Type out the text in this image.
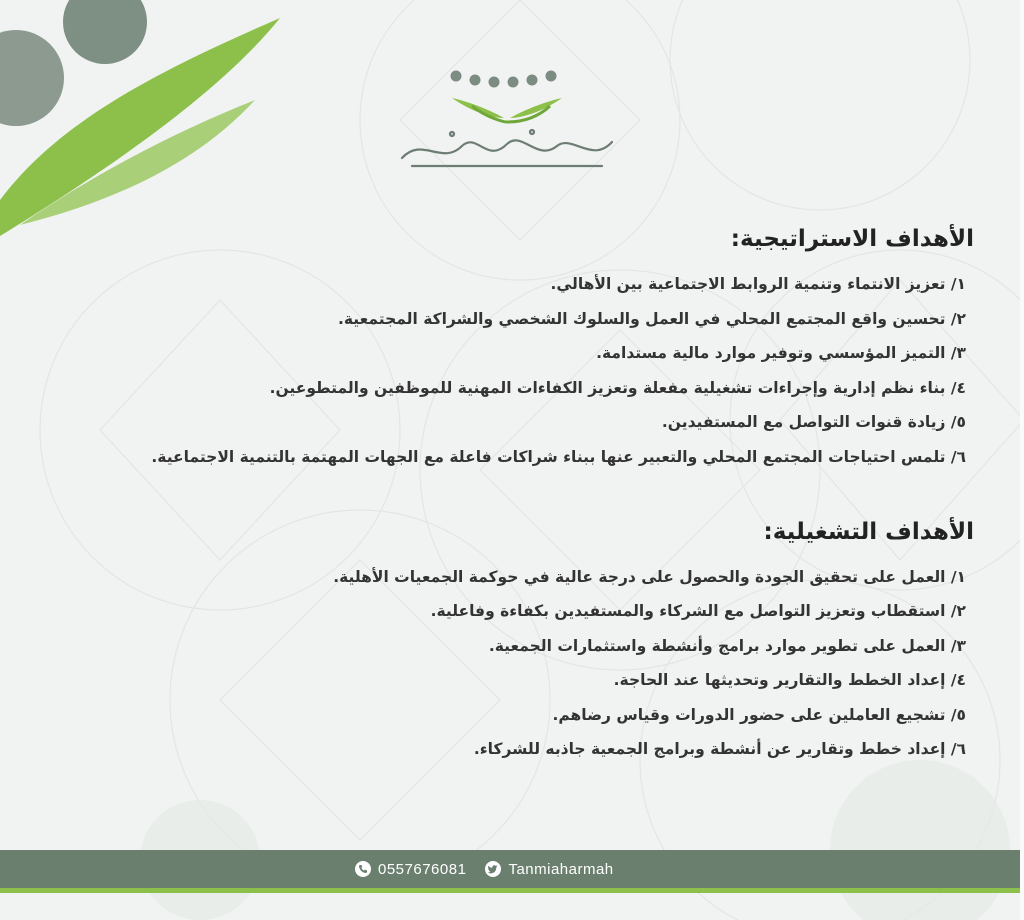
الأهداف الاستراتيجية:
١/ تعزيز الانتماء وتنمية الروابط الاجتماعية بين الأهالي.
٢/ تحسين واقع المجتمع المحلي في العمل والسلوك الشخصي والشراكة المجتمعية.
٣/ التميز المؤسسي وتوفير موارد مالية مستدامة.
٤/ بناء نظم إدارية وإجراءات تشغيلية مفعلة وتعزيز الكفاءات المهنية للموظفين والمتطوعين.
٥/ زيادة قنوات التواصل مع المستفيدين.
٦/ تلمس احتياجات المجتمع المحلي والتعبير عنها ببناء شراكات فاعلة مع الجهات المهتمة بالتنمية الاجتماعية.
الأهداف التشغيلية:
١/ العمل على تحقيق الجودة والحصول على درجة عالية في حوكمة الجمعيات الأهلية.
٢/ استقطاب وتعزيز التواصل مع الشركاء والمستفيدين بكفاءة وفاعلية.
٣/ العمل على تطوير موارد برامج وأنشطة واستثمارات الجمعية.
٤/ إعداد الخطط والتقارير وتحديثها عند الحاجة.
٥/ تشجيع العاملين على حضور الدورات وقياس رضاهم.
٦/ إعداد خطط وتقارير عن أنشطة وبرامج الجمعية جاذبه للشركاء.
0557676081	Tanmiaharmah
